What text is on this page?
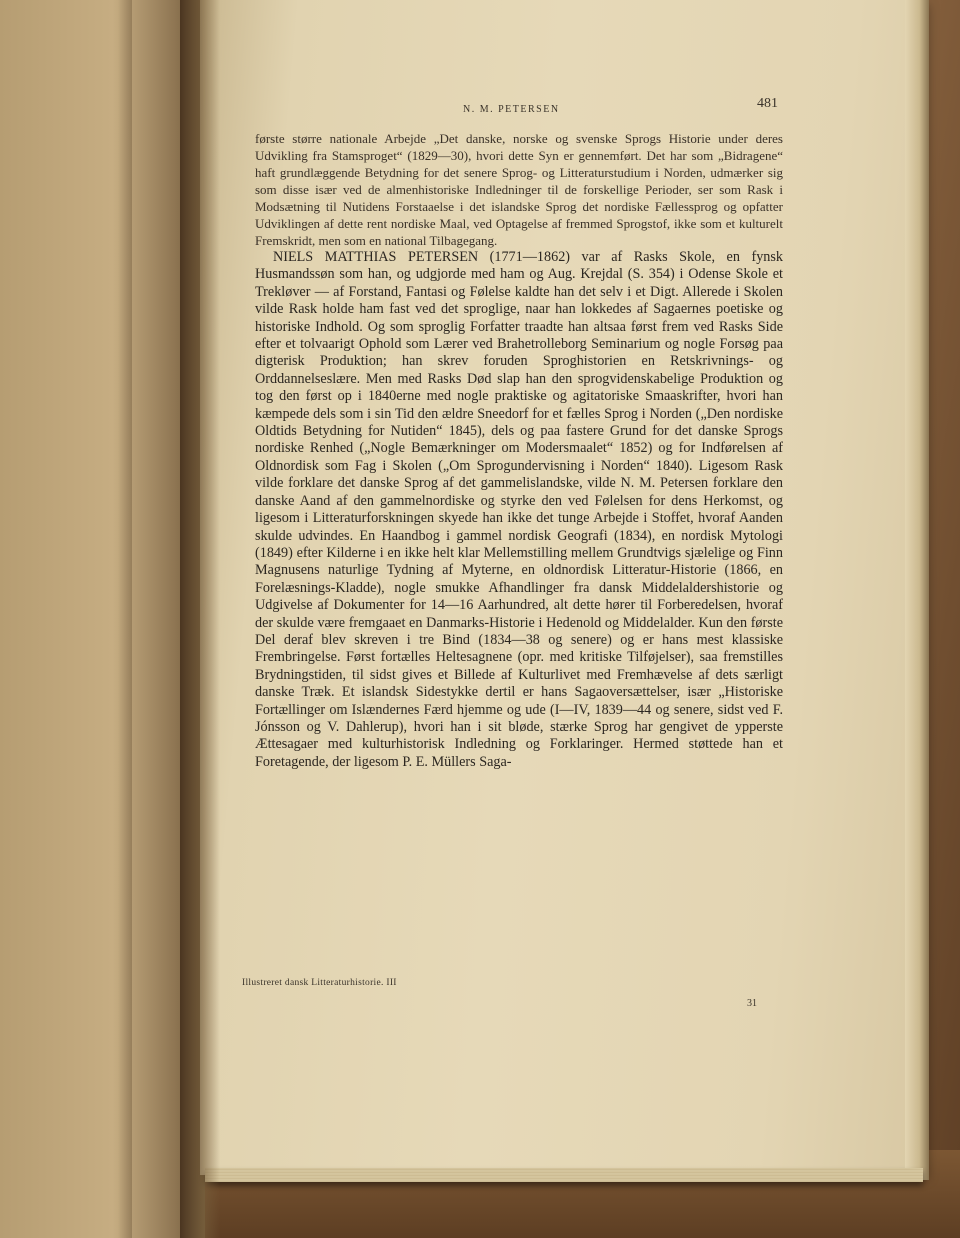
N. M. PETERSEN	481

første større nationale Arbejde „Det danske, norske og svenske Sprogs Historie under deres Udvikling fra Stamsproget“ (1829—30), hvori dette Syn er gennemført. Det har som „Bidragene“ haft grundlæggende Betydning for det senere Sprog- og Litteraturstudium i Norden, udmærker sig som disse især ved de almenhistoriske Indledninger til de forskellige Perioder, ser som Rask i Modsætning til Nutidens Forstaaelse i det islandske Sprog det nordiske Fællessprog og opfatter Udviklingen af dette rent nordiske Maal, ved Optagelse af fremmed Sprogstof, ikke som et kulturelt Fremskridt, men som en national Tilbagegang.

NIELS MATTHIAS PETERSEN (1771—1862) var af Rasks Skole, en fynsk Husmandssøn som han, og udgjorde med ham og Aug. Krejdal (S. 354) i Odense Skole et Trekløver — af Forstand, Fantasi og Følelse kaldte han det selv i et Digt. Allerede i Skolen vilde Rask holde ham fast ved det sproglige, naar han lokkedes af Sagaernes poetiske og historiske Indhold. Og som sproglig Forfatter traadte han altsaa først frem ved Rasks Side efter et tolvaarigt Ophold som Lærer ved Brahetrolleborg Seminarium og nogle Forsøg paa digterisk Produktion; han skrev foruden Sproghistorien en Retskrivnings- og Orddannelseslære. Men med Rasks Død slap han den sprogvidenskabelige Produktion og tog den først op i 1840erne med nogle praktiske og agitatoriske Smaaskrifter, hvori han kæmpede dels som i sin Tid den ældre Sneedorf for et fælles Sprog i Norden („Den nordiske Oldtids Betydning for Nutiden“ 1845), dels og paa fastere Grund for det danske Sprogs nordiske Renhed („Nogle Bemærkninger om Modersmaalet“ 1852) og for Indførelsen af Oldnordisk som Fag i Skolen („Om Sprogundervisning i Norden“ 1840). Ligesom Rask vilde forklare det danske Sprog af det gammelislandske, vilde N. M. Petersen forklare den danske Aand af den gammelnordiske og styrke den ved Følelsen for dens Herkomst, og ligesom i Litteraturforskningen skyede han ikke det tunge Arbejde i Stoffet, hvoraf Aanden skulde udvindes. En Haandbog i gammel nordisk Geografi (1834), en nordisk Mytologi (1849) efter Kilderne i en ikke helt klar Mellemstilling mellem Grundtvigs sjælelige og Finn Magnusens naturlige Tydning af Myterne, en oldnordisk Litteratur-Historie (1866, en Forelæsnings-Kladde), nogle smukke Afhandlinger fra dansk Middelaldershistorie og Udgivelse af Dokumenter for 14—16 Aarhundred, alt dette hører til Forberedelsen, hvoraf der skulde være fremgaaet en Danmarks-Historie i Hedenold og Middelalder. Kun den første Del deraf blev skreven i tre Bind (1834—38 og senere) og er hans mest klassiske Frembringelse. Først fortælles Heltesagnene (opr. med kritiske Tilføjelser), saa fremstilles Brydningstiden, til sidst gives et Billede af Kulturlivet med Fremhævelse af dets særligt danske Træk. Et islandsk Sidestykke dertil er hans Sagaoversættelser, især „Historiske Fortællinger om Islændernes Færd hjemme og ude (I—IV, 1839—44 og senere, sidst ved F. Jónsson og V. Dahlerup), hvori han i sit bløde, stærke Sprog har gengivet de ypperste Ættesagaer med kulturhistorisk Indledning og Forklaringer. Hermed støttede han et Foretagende, der ligesom P. E. Müllers Saga-

Illustreret dansk Litteraturhistorie. III
31
